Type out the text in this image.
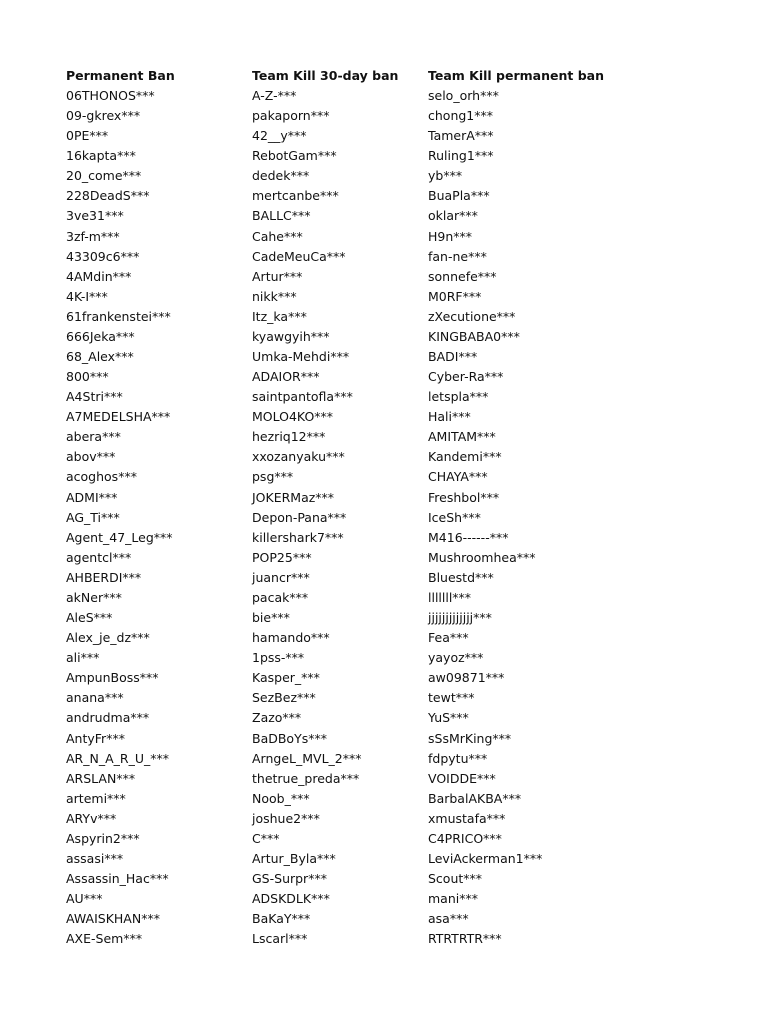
Permanent Ban
06THONOS***
09-gkrex***
0PE***
16kapta***
20_come***
228DeadS***
3ve31***
3zf-m***
43309c6***
4AMdin***
4K-I***
61frankenstei***
666Jeka***
68_Alex***
800***
A4Stri***
A7MEDELSHA***
abera***
abov***
acoghos***
ADMI***
AG_Ti***
Agent_47_Leg***
agentcl***
AHBERDI***
akNer***
AleS***
Alex_je_dz***
ali***
AmpunBoss***
anana***
andrudma***
AntyFr***
AR_N_A_R_U_***
ARSLAN***
artemi***
ARYv***
Aspyrin2***
assasi***
Assassin_Hac***
AU***
AWAISKHAN***
AXE-Sem***
Team Kill 30-day ban
A-Z-***
pakaporn***
42__y***
RebotGam***
dedek***
mertcanbe***
BALLC***
Cahe***
CadeMeuCa***
Artur***
nikk***
Itz_ka***
kyawgyih***
Umka-Mehdi***
ADAIOR***
saintpantofla***
MOLO4KO***
hezriq12***
xxozanyaku***
psg***
JOKERMaz***
Depon-Pana***
killershark7***
POP25***
juancr***
pacak***
bie***
hamando***
1pss-***
Kasper_***
SezBez***
Zazo***
BaDBoYs***
ArngeL_MVL_2***
thetrue_preda***
Noob_***
joshue2***
C***
Artur_Byla***
GS-Surpr***
ADSKDLK***
BaKaY***
Lscarl***
Team Kill permanent ban
selo_orh***
chong1***
TamerA***
Ruling1***
yb***
BuaPla***
oklar***
H9n***
fan-ne***
sonnefe***
M0RF***
zXecutione***
KINGBABA0***
BADI***
Cyber-Ra***
letspla***
Hali***
AMITAM***
Kandemi***
CHAYA***
Freshbol***
IceSh***
M416------***
Mushroomhea***
Bluestd***
lllllll***
jjjjjjjjjjjjj***
Fea***
yayoz***
aw09871***
tewt***
YuS***
sSsMrKing***
fdpytu***
VOIDDE***
BarbalAKBA***
xmustafa***
C4PRICO***
LeviAckerman1***
Scout***
mani***
asa***
RTRTRTR***
